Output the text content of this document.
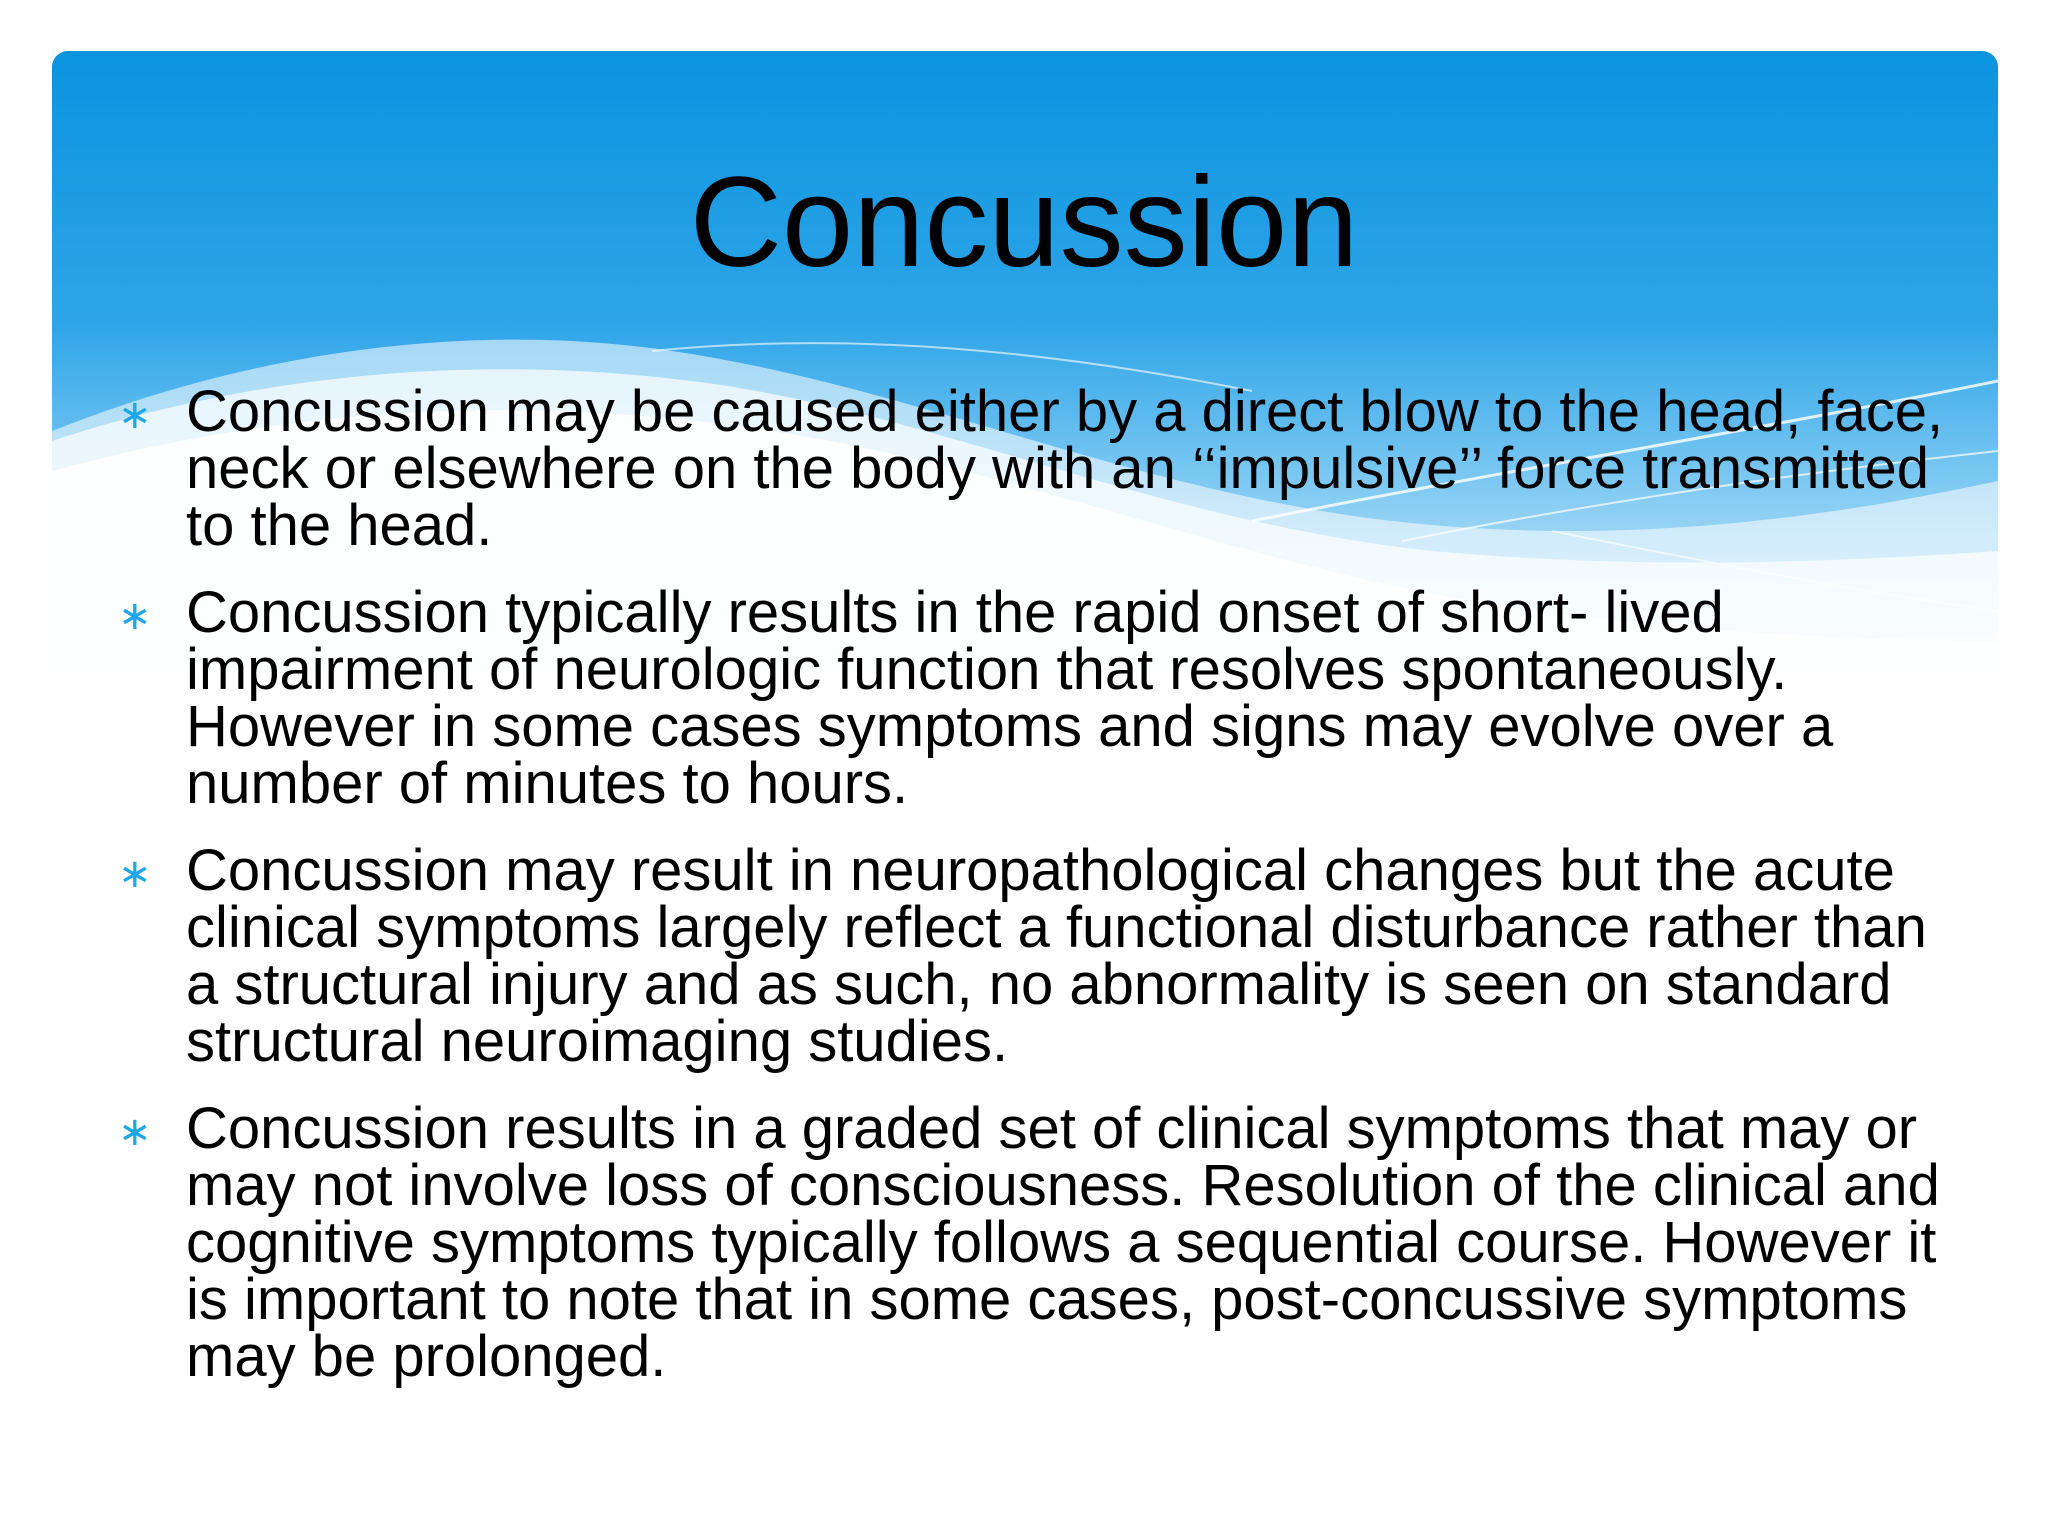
Concussion
∗ Concussion may be caused either by a direct blow to the head, face, neck or elsewhere on the body with an ‘‘impulsive’’ force transmitted to the head.
∗ Concussion typically results in the rapid onset of short- lived impairment of neurologic function that resolves spontaneously. However in some cases symptoms and signs may evolve over a number of minutes to hours.
∗ Concussion may result in neuropathological changes but the acute clinical symptoms largely reflect a functional disturbance rather than a structural injury and as such, no abnormality is seen on standard structural neuroimaging studies.
∗ Concussion results in a graded set of clinical symptoms that may or may not involve loss of consciousness. Resolution of the clinical and cognitive symptoms typically follows a sequential course. However it is important to note that in some cases, post-concussive symptoms may be prolonged.
